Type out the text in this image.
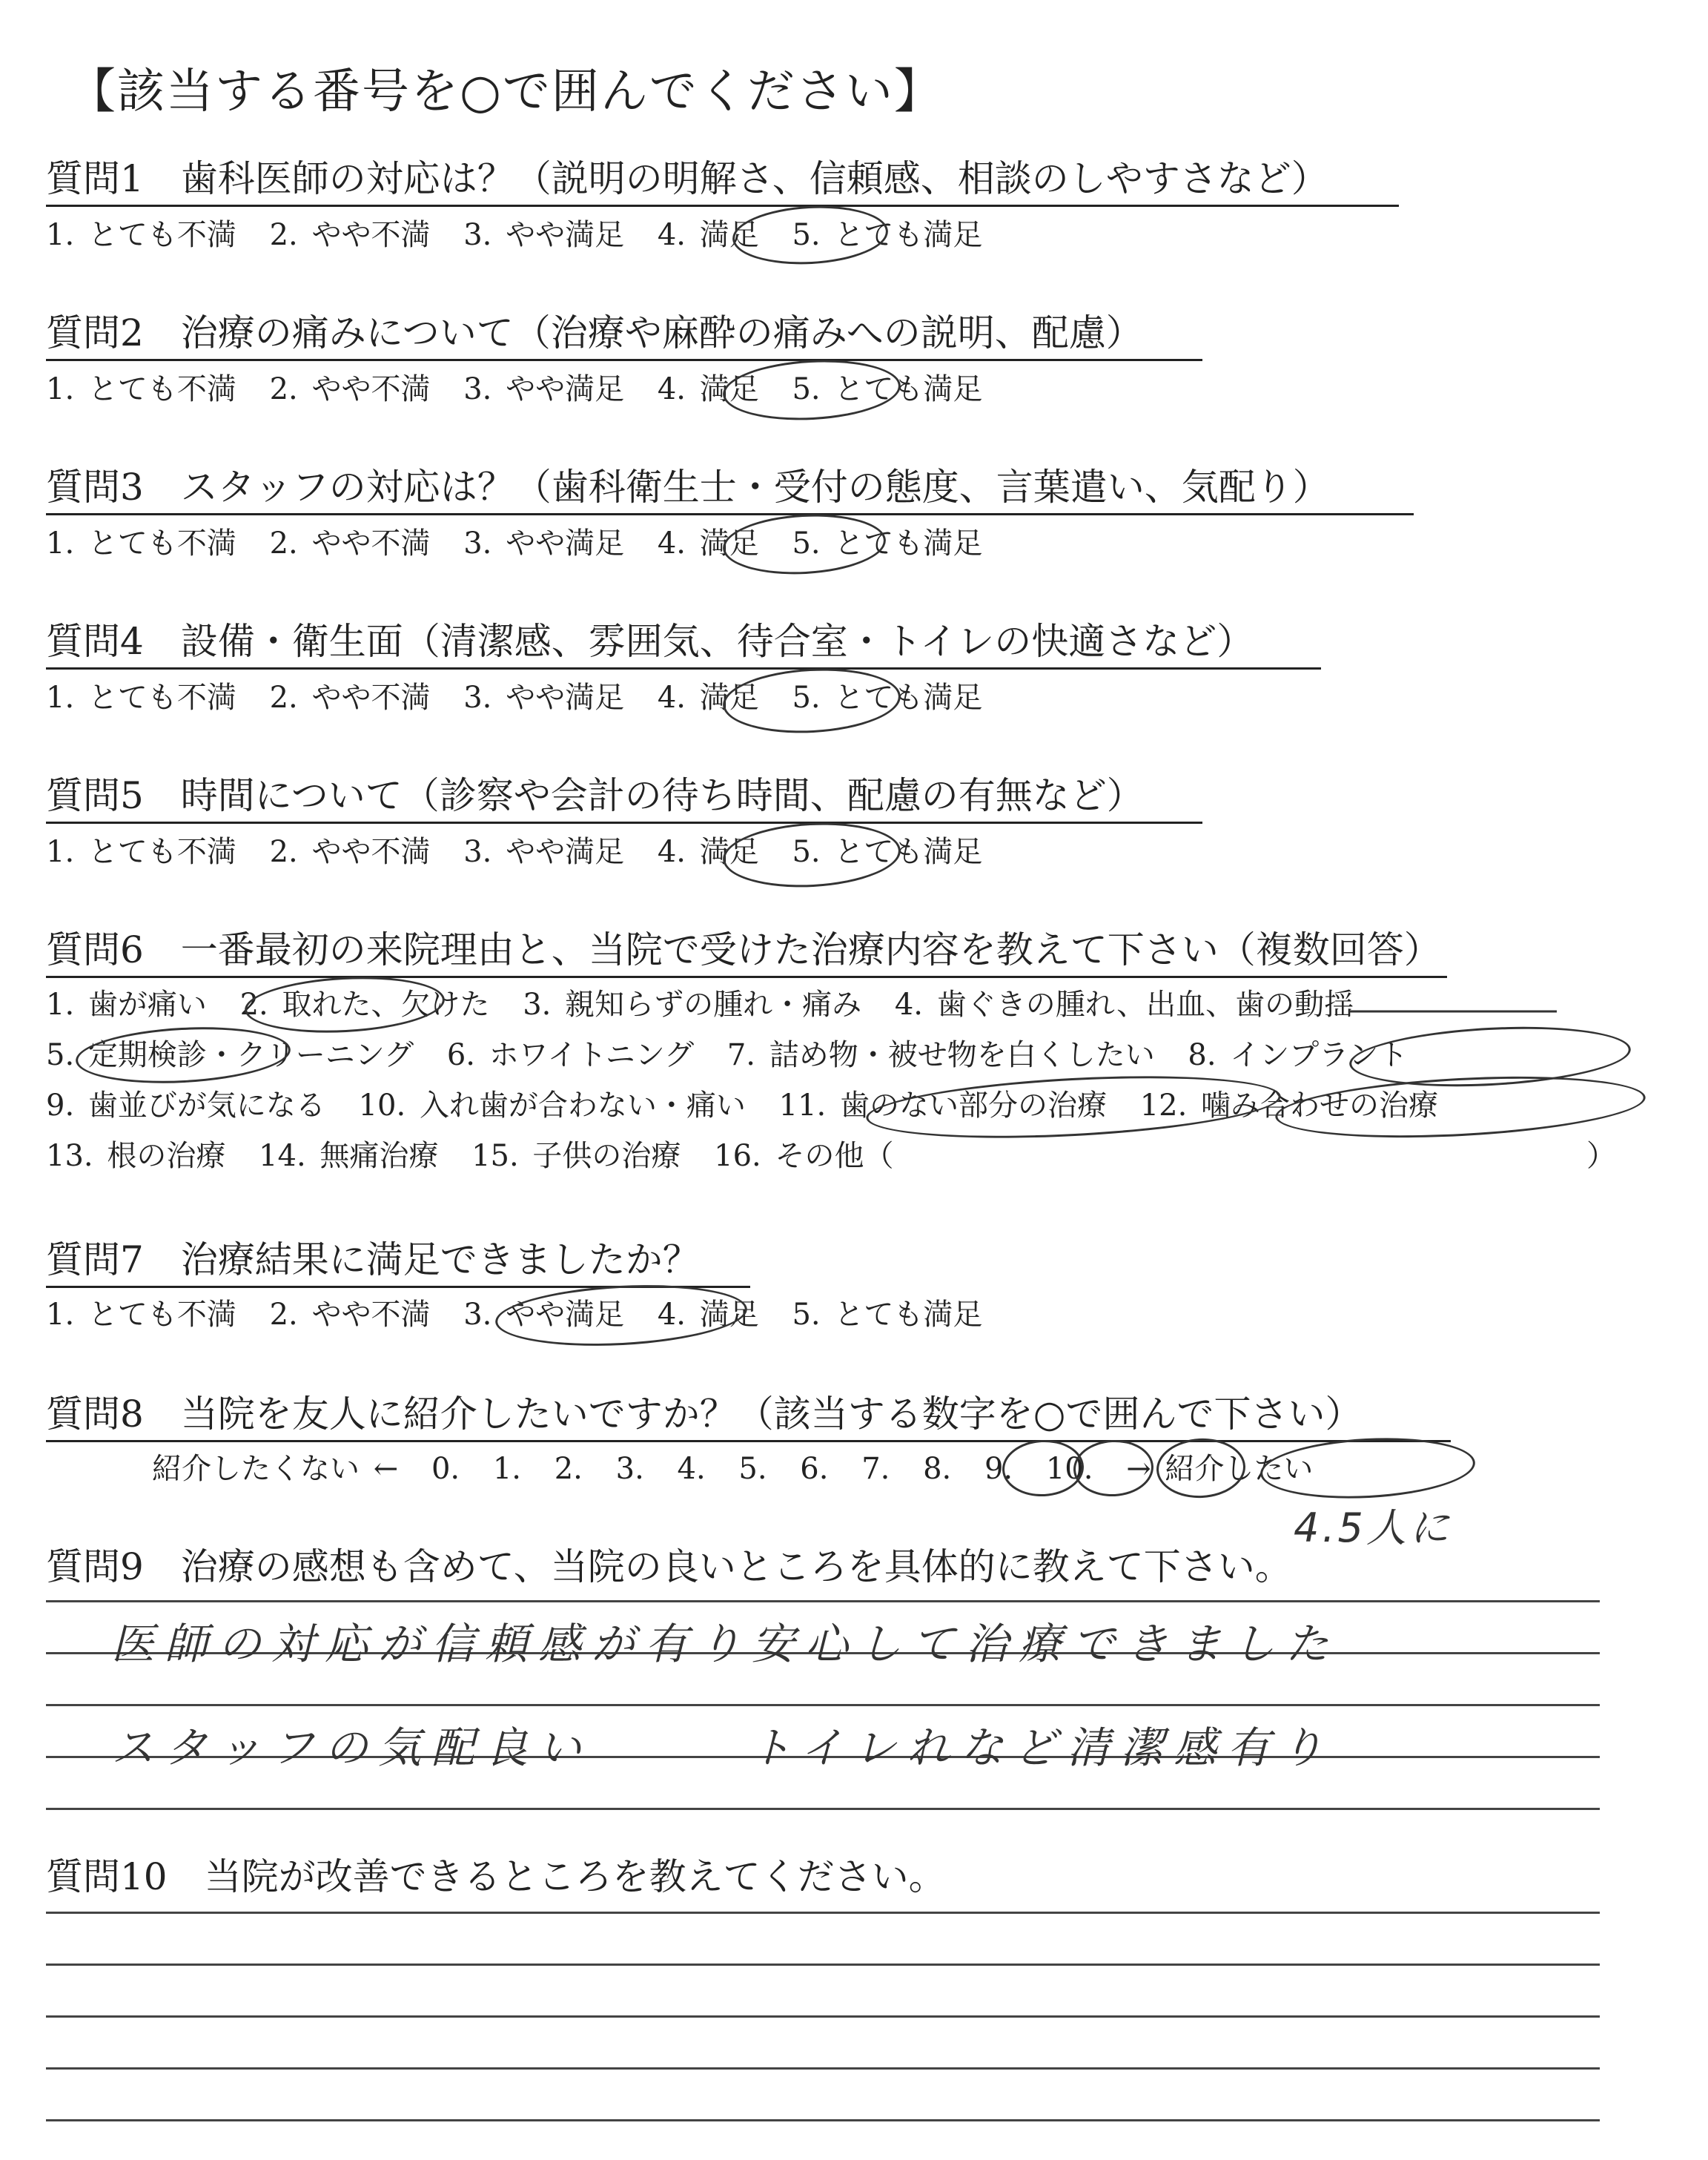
【該当する番号を○で囲んでください】
質問1　歯科医師の対応は？（説明の明解さ、信頼感、相談のしやすさなど）
1. とても不満 2. やや不満 3. やや満足 4. 満足 5. とても満足
質問2　治療の痛みについて（治療や麻酔の痛みへの説明、配慮）
1. とても不満 2. やや不満 3. やや満足 4. 満足 5. とても満足
質問3　スタッフの対応は？（歯科衛生士・受付の態度、言葉遣い、気配り）
1. とても不満 2. やや不満 3. やや満足 4. 満足 5. とても満足
質問4　設備・衛生面（清潔感、雰囲気、待合室・トイレの快適さなど）
1. とても不満 2. やや不満 3. やや満足 4. 満足 5. とても満足
質問5　時間について（診察や会計の待ち時間、配慮の有無など）
1. とても不満 2. やや不満 3. やや満足 4. 満足 5. とても満足
質問6　一番最初の来院理由と、当院で受けた治療内容を教えて下さい（複数回答）
1. 歯が痛い 2. 取れた、欠けた 3. 親知らずの腫れ・痛み 4. 歯ぐきの腫れ、出血、歯の動揺
5. 定期検診・クリーニング 6. ホワイトニング 7. 詰め物・被せ物を白くしたい 8. インプラント
9. 歯並びが気になる 10. 入れ歯が合わない・痛い 11. 歯のない部分の治療 12. 噛み合わせの治療
13. 根の治療 14. 無痛治療 15. 子供の治療 16. その他（	）
質問7　治療結果に満足できましたか？
1. とても不満 2. やや不満 3. やや満足 4. 満足 5. とても満足
質問8　当院を友人に紹介したいですか？（該当する数字を○で囲んで下さい）
紹介したくない ← 0. 1. 2. 3. 4. 5. 6. 7. 8. 9. 10. → 紹介したい
4.5人に
質問9　治療の感想も含めて、当院の良いところを具体的に教えて下さい。
医師の対応が信頼感が有り安心して治療できました
スタッフの気配良い	トイレれなど清潔感有り
質問10　当院が改善できるところを教えてください。
